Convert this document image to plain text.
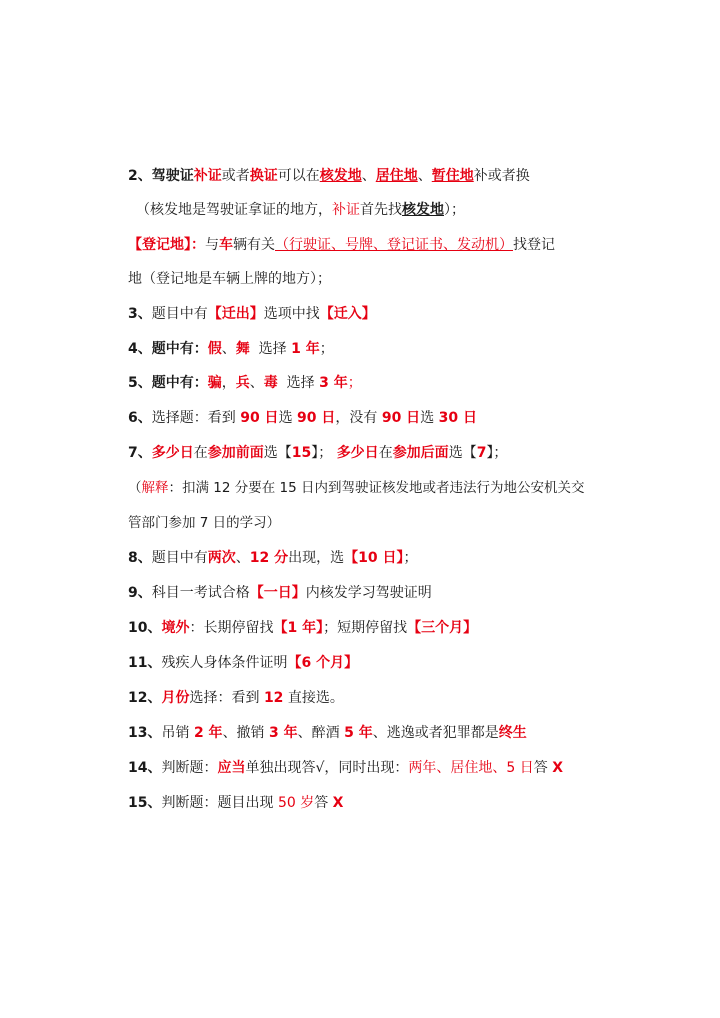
2、驾驶证补证或者换证可以在核发地、居住地、暂住地补或者换
（核发地是驾驶证拿证的地方，补证首先找核发地）；
【登记地】：与车辆有关（行驶证、号牌、登记证书、发动机）找登记
地（登记地是车辆上牌的地方）；
3、题目中有【迁出】选项中找【迁入】
4、题中有：假、舞 选择 1 年；
5、题中有：骗，兵、毒 选择 3 年；
6、选择题：看到 90 日选 90 日，没有 90 日选 30 日
7、多少日在参加前面选【15】； 多少日在参加后面选【7】；
（解释：扣满 12 分要在 15 日内到驾驶证核发地或者违法行为地公安机关交
管部门参加 7 日的学习）
8、题目中有两次、12 分出现，选【10 日】；
9、科目一考试合格【一日】内核发学习驾驶证明
10、境外：长期停留找【1 年】；短期停留找【三个月】
11、残疾人身体条件证明【6 个月】
12、月份选择：看到 12 直接选。
13、吊销 2 年、撤销 3 年、醉酒 5 年、逃逸或者犯罪都是终生
14、判断题：应当单独出现答√，同时出现：两年、居住地、5 日答 X
15、判断题：题目出现 50 岁答 X
